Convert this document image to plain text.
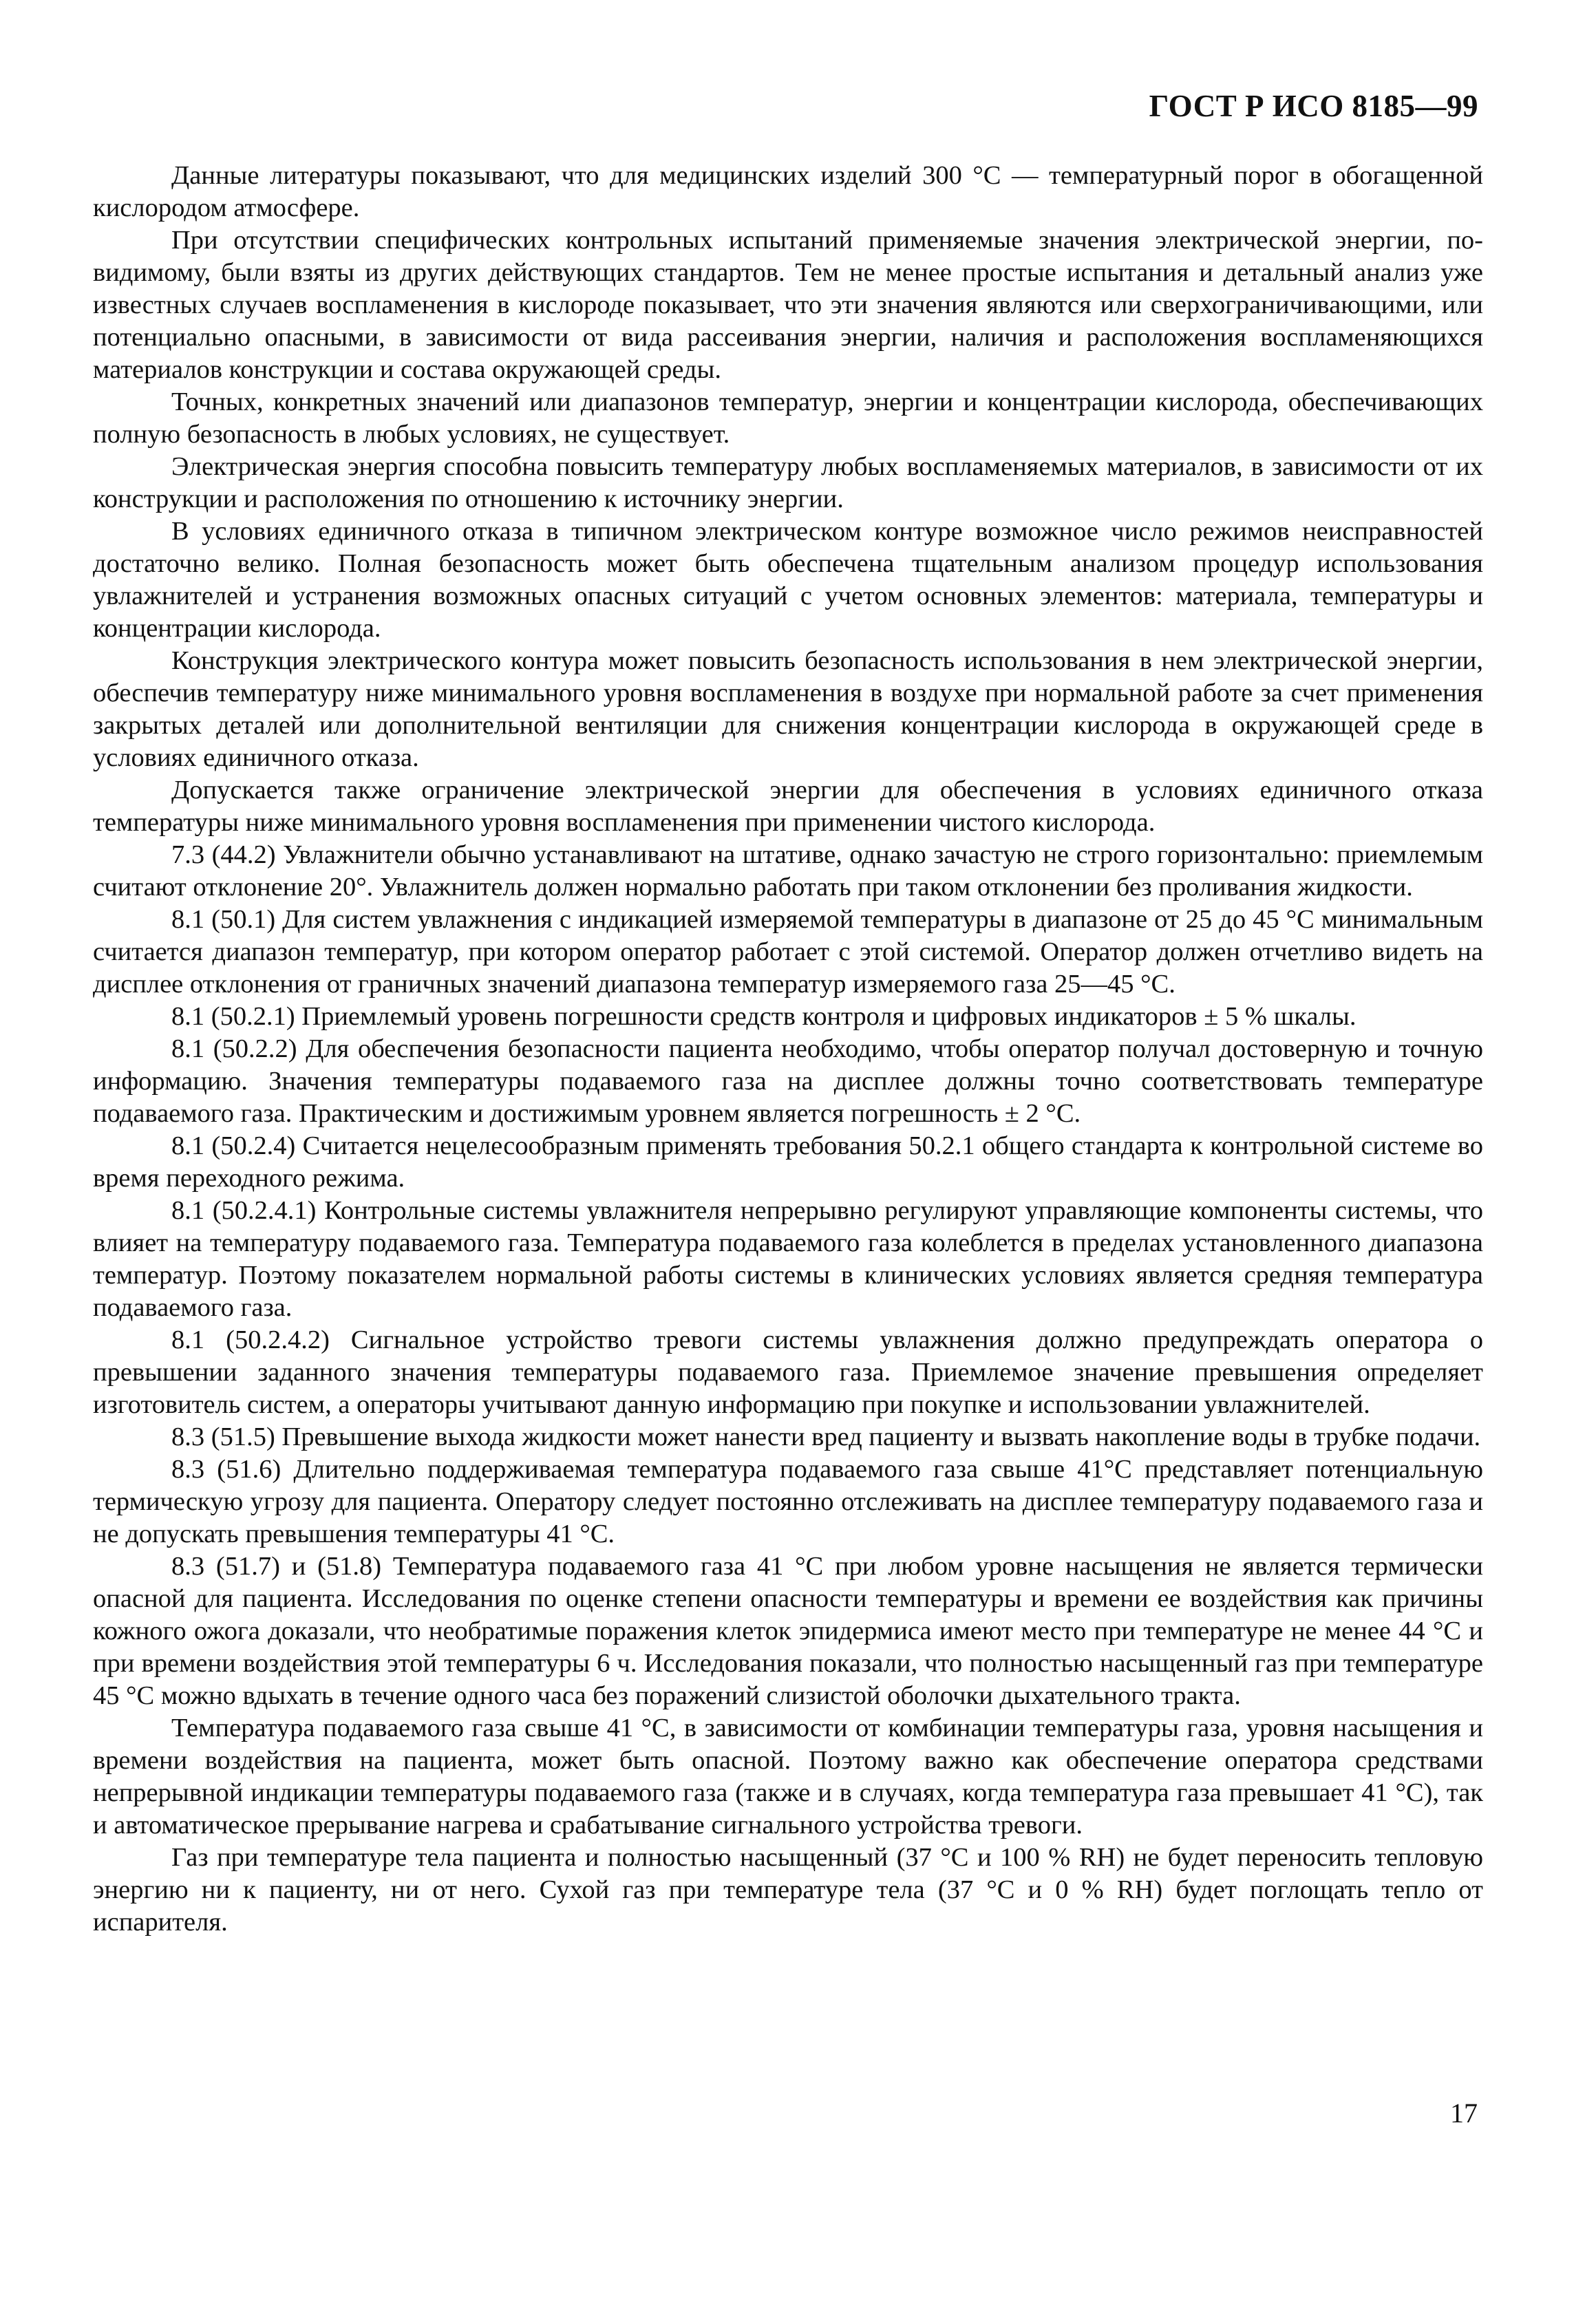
ГОСТ Р ИСО 8185—99

Данные литературы показывают, что для медицинских изделий 300 °С — температурный порог в обогащенной кислородом атмосфере.

При отсутствии специфических контрольных испытаний применяемые значения электрической энергии, по-видимому, были взяты из других действующих стандартов. Тем не менее простые испытания и детальный анализ уже известных случаев воспламенения в кислороде показывает, что эти значения являются или сверхограничивающими, или потенциально опасными, в зависимости от вида рассеивания энергии, наличия и расположения воспламеняющихся материалов конструкции и состава окружающей среды.

Точных, конкретных значений или диапазонов температур, энергии и концентрации кислорода, обеспечивающих полную безопасность в любых условиях, не существует.

Электрическая энергия способна повысить температуру любых воспламеняемых материалов, в зависимости от их конструкции и расположения по отношению к источнику энергии.

В условиях единичного отказа в типичном электрическом контуре возможное число режимов неисправностей достаточно велико. Полная безопасность может быть обеспечена тщательным анализом процедур использования увлажнителей и устранения возможных опасных ситуаций с учетом основных элементов: материала, температуры и концентрации кислорода.

Конструкция электрического контура может повысить безопасность использования в нем электрической энергии, обеспечив температуру ниже минимального уровня воспламенения в воздухе при нормальной работе за счет применения закрытых деталей или дополнительной вентиляции для снижения концентрации кислорода в окружающей среде в условиях единичного отказа.

Допускается также ограничение электрической энергии для обеспечения в условиях единичного отказа температуры ниже минимального уровня воспламенения при применении чистого кислорода.

7.3 (44.2) Увлажнители обычно устанавливают на штативе, однако зачастую не строго горизонтально: приемлемым считают отклонение 20°. Увлажнитель должен нормально работать при таком отклонении без проливания жидкости.

8.1 (50.1) Для систем увлажнения с индикацией измеряемой температуры в диапазоне от 25 до 45 °С минимальным считается диапазон температур, при котором оператор работает с этой системой. Оператор должен отчетливо видеть на дисплее отклонения от граничных значений диапазона температур измеряемого газа 25—45 °С.

8.1 (50.2.1) Приемлемый уровень погрешности средств контроля и цифровых индикаторов ± 5 % шкалы.

8.1 (50.2.2) Для обеспечения безопасности пациента необходимо, чтобы оператор получал достоверную и точную информацию. Значения температуры подаваемого газа на дисплее должны точно соответствовать температуре подаваемого газа. Практическим и достижимым уровнем является погрешность ± 2 °С.

8.1 (50.2.4) Считается нецелесообразным применять требования 50.2.1 общего стандарта к контрольной системе во время переходного режима.

8.1 (50.2.4.1) Контрольные системы увлажнителя непрерывно регулируют управляющие компоненты системы, что влияет на температуру подаваемого газа. Температура подаваемого газа колеблется в пределах установленного диапазона температур. Поэтому показателем нормальной работы системы в клинических условиях является средняя температура подаваемого газа.

8.1 (50.2.4.2) Сигнальное устройство тревоги системы увлажнения должно предупреждать оператора о превышении заданного значения температуры подаваемого газа. Приемлемое значение превышения определяет изготовитель систем, а операторы учитывают данную информацию при покупке и использовании увлажнителей.

8.3 (51.5) Превышение выхода жидкости может нанести вред пациенту и вызвать накопление воды в трубке подачи.

8.3 (51.6) Длительно поддерживаемая температура подаваемого газа свыше 41°С представляет потенциальную термическую угрозу для пациента. Оператору следует постоянно отслеживать на дисплее температуру подаваемого газа и не допускать превышения температуры 41 °С.

8.3 (51.7) и (51.8) Температура подаваемого газа 41 °С при любом уровне насыщения не является термически опасной для пациента. Исследования по оценке степени опасности температуры и времени ее воздействия как причины кожного ожога доказали, что необратимые поражения клеток эпидермиса имеют место при температуре не менее 44 °С и при времени воздействия этой температуры 6 ч. Исследования показали, что полностью насыщенный газ при температуре 45 °С можно вдыхать в течение одного часа без поражений слизистой оболочки дыхательного тракта.

Температура подаваемого газа свыше 41 °С, в зависимости от комбинации температуры газа, уровня насыщения и времени воздействия на пациента, может быть опасной. Поэтому важно как обеспечение оператора средствами непрерывной индикации температуры подаваемого газа (также и в случаях, когда температура газа превышает 41 °С), так и автоматическое прерывание нагрева и срабатывание сигнального устройства тревоги.

Газ при температуре тела пациента и полностью насыщенный (37 °С и 100 % RH) не будет переносить тепловую энергию ни к пациенту, ни от него. Сухой газ при температуре тела (37 °С и 0 % RH) будет поглощать тепло от испарителя.

17
